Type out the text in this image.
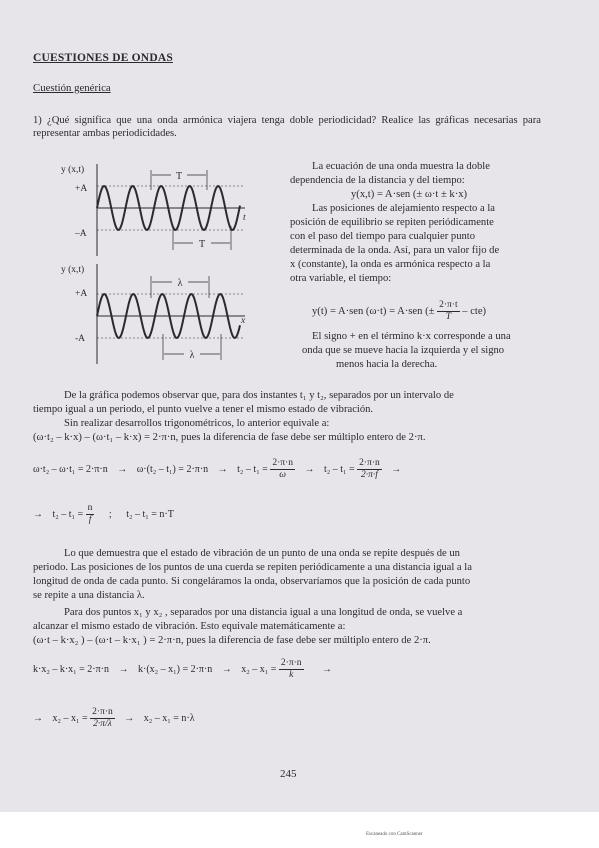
CUESTIONES DE ONDAS
Cuestión genérica
1) ¿Qué significa que una onda armónica viajera tenga doble periodicidad? Realice las gráficas necesarias para representar ambas periodicidades.
y (x,t)
+A
–A
t
T
T
y (x,t)
+A
-A
x
λ
λ
La ecuación de una onda muestra la doble
dependencia de la distancia y del tiempo:
y(x,t) = A·sen (± ω·t ± k·x)
Las posiciones de alejamiento respecto a la
posición de equilibrio se repiten periódicamente
con el paso del tiempo para cualquier punto
determinada de la onda. Así, para un valor fijo de
x (constante), la onda es armónica respecto a la
otra variable, el tiempo:
y(t) = A·sen (ω·t) = A·sen (± $\frac{2\cdot\pi\cdot t}{T} - cte$)
El signo + en el término k·x corresponde a una
onda que se mueve hacia la izquierda y el signo
menos hacia la derecha.
De la gráfica podemos observar que, para dos instantes t₁ y t₂, separados por un intervalo de
tiempo igual a un periodo, el punto vuelve a tener el mismo estado de vibración.
Sin realizar desarrollos trigonométricos, lo anterior equivale a:
(ω·t₂ – k·x) – (ω·t₁ – k·x) = 2·π·n, pues la diferencia de fase debe ser múltiplo entero de 2·π.
$\omega\cdot t_2 - \omega\cdot t_1 = 2\cdot\pi\cdot n \to \omega\cdot(t_2 - t_1) = 2\cdot\pi\cdot n \to t_2 - t_1 = \frac{2\cdot\pi\cdot n}{\omega} \to t_2 - t_1 = \frac{2\cdot\pi\cdot n}{2\cdot\pi\cdot f}$ →
→ $t_2 - t_1 = \frac{n}{f}$ ; t₂ – t₁ = n·T
Lo que demuestra que el estado de vibración de un punto de una onda se repite después de un
periodo. Las posiciones de los puntos de una cuerda se repiten periódicamente a una distancia igual a la
longitud de onda de cada punto. Si congeláramos la onda, observaríamos que la posición de cada punto
se repite a una distancia λ.
Para dos puntos x₁ y x₂ , separados por una distancia igual a una longitud de onda, se vuelve a
alcanzar el mismo estado de vibración. Esto equivale matemáticamente a:
(ω·t – k·x₂ ) – (ω·t – k·x₁ ) = 2·π·n, pues la diferencia de fase debe ser múltiplo entero de 2·π.
$k\cdot x_2 - k\cdot x_1 = 2\cdot\pi\cdot n \to k\cdot(x_2 - x_1) = 2\cdot\pi\cdot n \to x_2 - x_1 = \frac{2\cdot\pi\cdot n}{k}$ →
→ $x_2 - x_1 = \frac{2\cdot\pi\cdot n}{2\cdot\pi/\lambda} \to x_2 - x_1 = n\cdot\lambda$
245
Escaneado con CamScanner
